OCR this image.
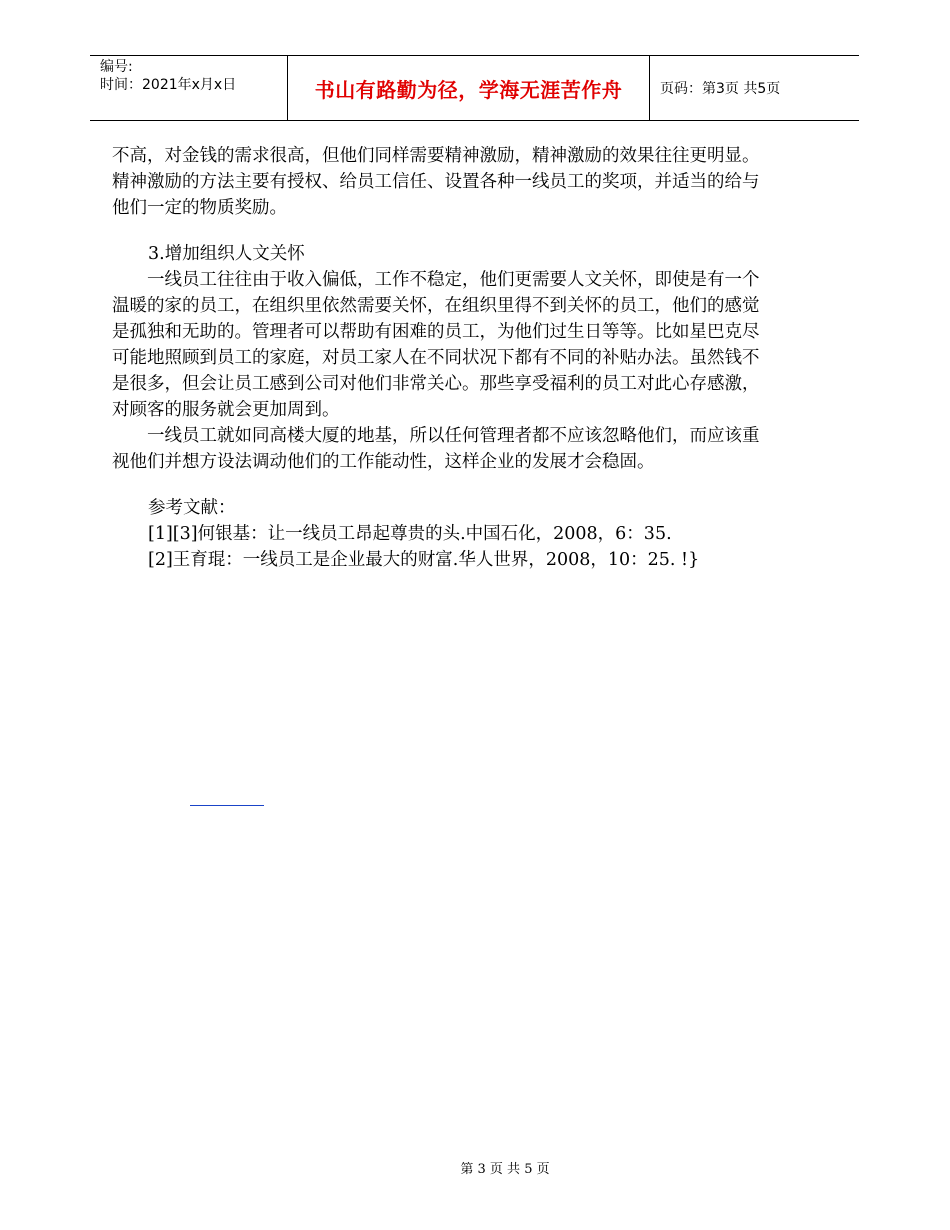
编号:
时间：2021年x月x日	书山有路勤为径，学海无涯苦作舟	页码：第3页 共5页

不高，对金钱的需求很高，但他们同样需要精神激励，精神激励的效果往往更明显。精神激励的方法主要有授权、给员工信任、设置各种一线员工的奖项，并适当的给与他们一定的物质奖励。

3.增加组织人文关怀

一线员工往往由于收入偏低，工作不稳定，他们更需要人文关怀，即使是有一个温暖的家的员工，在组织里依然需要关怀，在组织里得不到关怀的员工，他们的感觉是孤独和无助的。管理者可以帮助有困难的员工，为他们过生日等等。比如星巴克尽可能地照顾到员工的家庭，对员工家人在不同状况下都有不同的补贴办法。虽然钱不是很多，但会让员工感到公司对他们非常关心。那些享受福利的员工对此心存感激，对顾客的服务就会更加周到。

一线员工就如同高楼大厦的地基，所以任何管理者都不应该忽略他们，而应该重视他们并想方设法调动他们的工作能动性，这样企业的发展才会稳固。

参考文献：

[1][3]何银基：让一线员工昂起尊贵的头.中国石化，2008，6：35.

[2]王育琨：一线员工是企业最大的财富.华人世界，2008，10：25. !}

第 3 页 共 5 页
